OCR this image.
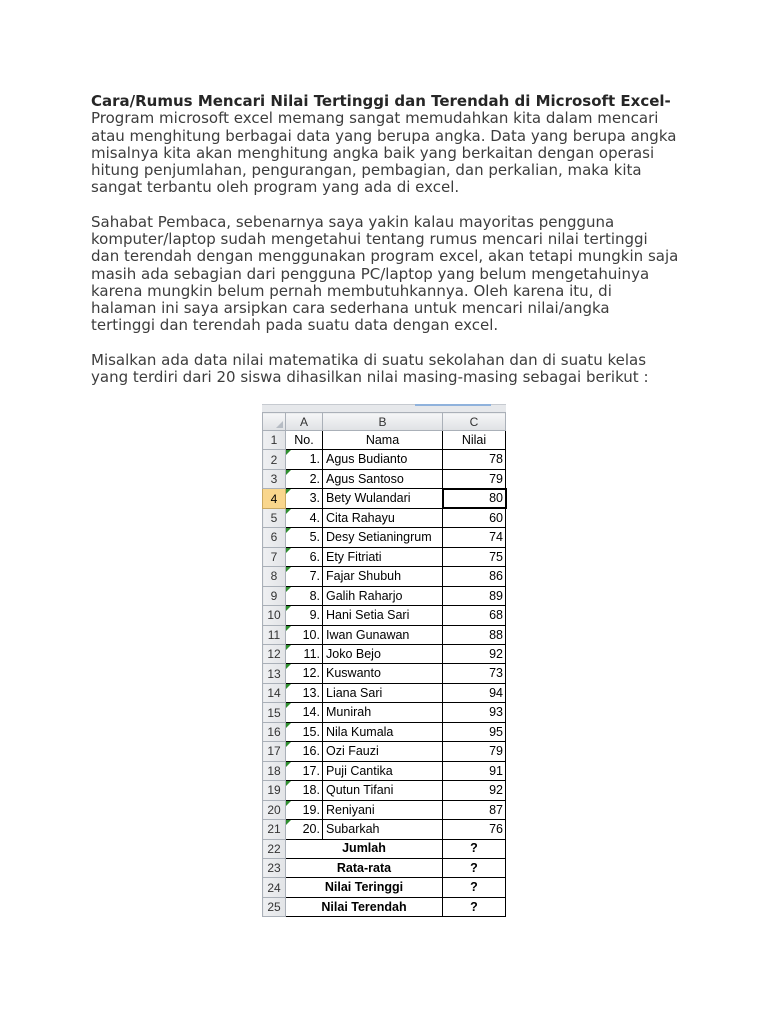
Cara/Rumus Mencari Nilai Tertinggi dan Terendah di Microsoft Excel-

Program microsoft excel memang sangat memudahkan kita dalam mencari
atau menghitung berbagai data yang berupa angka. Data yang berupa angka
misalnya kita akan menghitung angka baik yang berkaitan dengan operasi
hitung penjumlahan, pengurangan, pembagian, dan perkalian, maka kita
sangat terbantu oleh program yang ada di excel.

Sahabat Pembaca, sebenarnya saya yakin kalau mayoritas pengguna
komputer/laptop sudah mengetahui tentang rumus mencari nilai tertinggi
dan terendah dengan menggunakan program excel, akan tetapi mungkin saja
masih ada sebagian dari pengguna PC/laptop yang belum mengetahuinya
karena mungkin belum pernah membutuhkannya. Oleh karena itu, di
halaman ini saya arsipkan cara sederhana untuk mencari nilai/angka
tertinggi dan terendah pada suatu data dengan excel.

Misalkan ada data nilai matematika di suatu sekolahan dan di suatu kelas
yang terdiri dari 20 siswa dihasilkan nilai masing-masing sebagai berikut :

	A	B	C
1	No.	Nama	Nilai
2	1.	Agus Budianto	78
3	2.	Agus Santoso	79
4	3.	Bety Wulandari	80
5	4.	Cita Rahayu	60
6	5.	Desy Setianingrum	74
7	6.	Ety Fitriati	75
8	7.	Fajar Shubuh	86
9	8.	Galih Raharjo	89
10	9.	Hani Setia Sari	68
11	10.	Iwan Gunawan	88
12	11.	Joko Bejo	92
13	12.	Kuswanto	73
14	13.	Liana Sari	94
15	14.	Munirah	93
16	15.	Nila Kumala	95
17	16.	Ozi Fauzi	79
18	17.	Puji Cantika	91
19	18.	Qutun Tifani	92
20	19.	Reniyani	87
21	20.	Subarkah	76
22	Jumlah		?
23	Rata-rata		?
24	Nilai Teringgi		?
25	Nilai Terendah		?
